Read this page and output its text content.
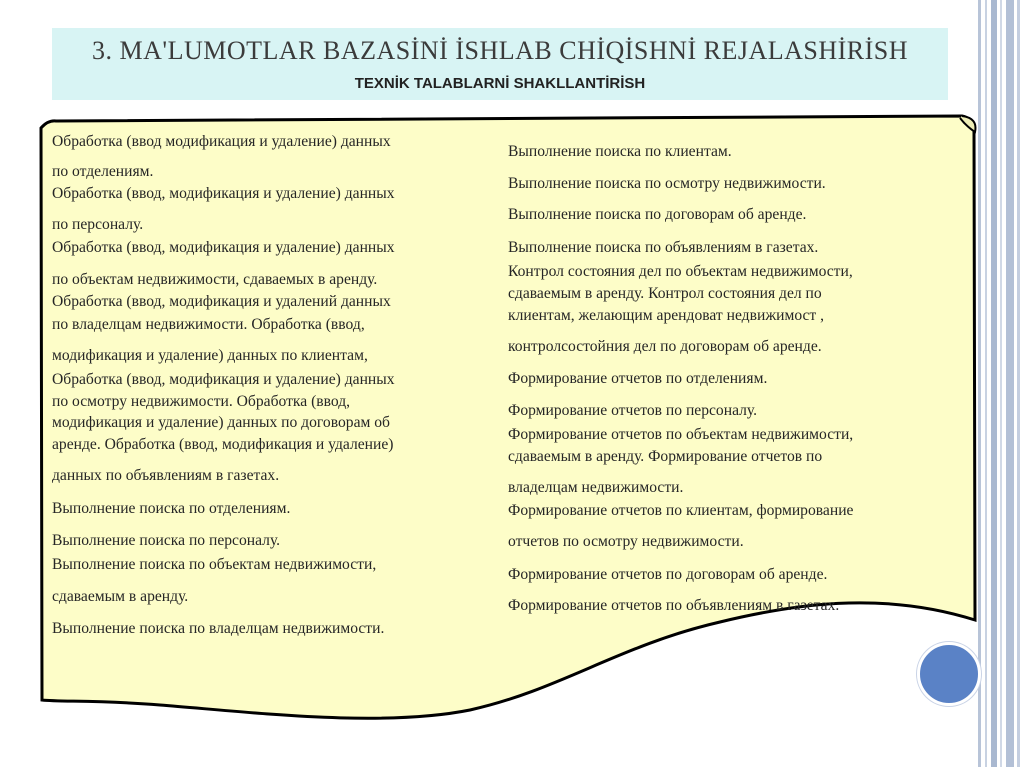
3. MA'LUMOTLAR BAZASİNİ İSHLAB CHİQİSHNİ REJALASHİRİSH
TEXNİK TALABLARNİ SHAKLLANTİRİSH
Обработка (ввод модификация и удаление) данных
по отделениям.
Обработка (ввод, модификация и удаление) данных
по персоналу.
Обработка (ввод, модификация и удаление) данных
по объектам недвижимости, сдаваемых в аренду.
Обработка (ввод, модификация и удалений данных
по владелцам недвижимости. Обработка (ввод,
модификация и удаление) данных по клиентам,
Обработка (ввод, модификация и удаление) данных
по осмотру недвижимости. Обработка (ввод,
модификация и удаление) данных по договорам об
аренде. Обработка (ввод, модификация и удаление)
данных по объявлениям в газетах.
Выполнение поиска по отделениям.
Выполнение поиска по персоналу.
Выполнение поиска по объектам недвижимости,
сдаваемым в аренду.
Выполнение поиска по владелцам недвижимости.
Выполнение поиска по клиентам.
Выполнение поиска по осмотру недвижимости.
Выполнение поиска по договорам об аренде.
Выполнение поиска по объявлениям в газетах.
Контрол состояния дел по объектам недвижимости,
сдаваемым в аренду. Контрол состояния дел по
клиентам, желающим арендоват недвижимост ,
контролсостойния дел по договорам об аренде.
Формирование отчетов по отделениям.
Формирование отчетов по персоналу.
Формирование отчетов по объектам недвижимости,
сдаваемым в аренду. Формирование отчетов по
владелцам недвижимости.
Формирование отчетов по клиентам, формирование
отчетов по осмотру недвижимости.
Формирование отчетов по договорам об аренде.
Формирование отчетов по объявлениям в газетах.
